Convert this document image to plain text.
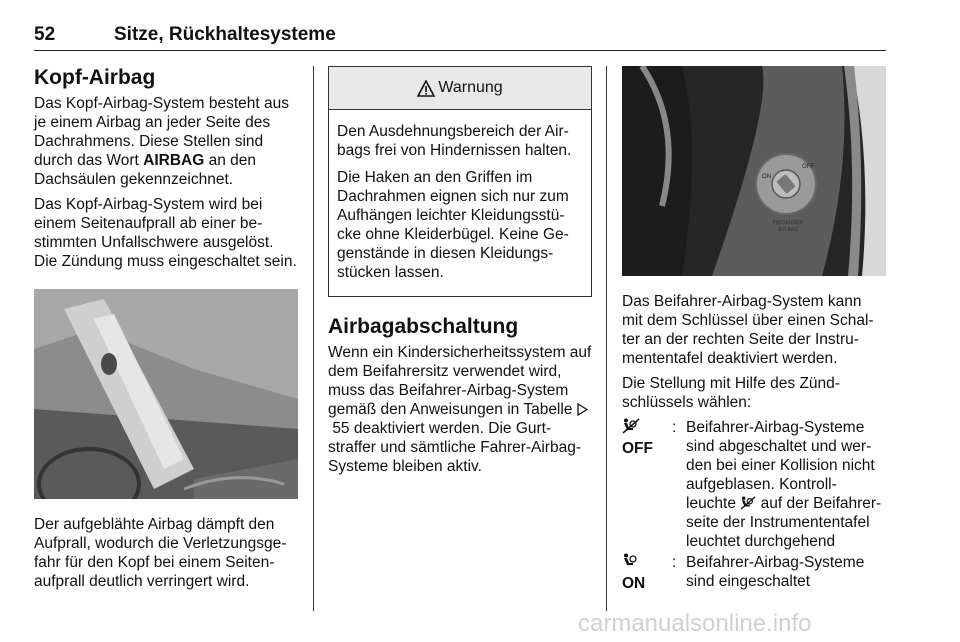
52	Sitze, Rückhaltesysteme
Kopf-Airbag

Das Kopf-Airbag-System besteht aus je einem Airbag an jeder Seite des Dachrahmens. Diese Stellen sind durch das Wort AIRBAG an den Dachsäulen gekennzeichnet.

Das Kopf-Airbag-System wird bei einem Seitenaufprall ab einer be- stimmten Unfallschwere ausgelöst. Die Zündung muss eingeschaltet sein.

Der aufgeblähte Airbag dämpft den Aufprall, wodurch die Verletzungsge- fahr für den Kopf bei einem Seiten- aufprall deutlich verringert wird.

Warnung

Den Ausdehnungsbereich der Air- bags frei von Hindernissen halten.

Die Haken an den Griffen im Dachrahmen eignen sich nur zum Aufhängen leichter Kleidungsstü- cke ohne Kleiderbügel. Keine Ge- genstände in diesen Kleidungs- stücken lassen.

Airbagabschaltung

Wenn ein Kindersicherheitssystem auf dem Beifahrersitz verwendet wird, muss das Beifahrer-Airbag-System gemäß den Anweisungen in Tabelle  55 deaktiviert werden. Die Gurt- straffer und sämtliche Fahrer-Airbag- Systeme bleiben aktiv.

ON
OFF
PASSENGER
AIR BAG

Das Beifahrer-Airbag-System kann mit dem Schlüssel über einen Schal- ter an der rechten Seite der Instru- mententafel deaktiviert werden.

Die Stellung mit Hilfe des Zünd- schlüssels wählen:

OFF
: Beifahrer-Airbag-Systeme sind abgeschaltet und wer- den bei einer Kollision nicht aufgeblasen. Kontroll- leuchte  auf der Beifahrer- seite der Instrumententafel leuchtet durchgehend

ON
: Beifahrer-Airbag-Systeme sind eingeschaltet
carmanualsonline.info
